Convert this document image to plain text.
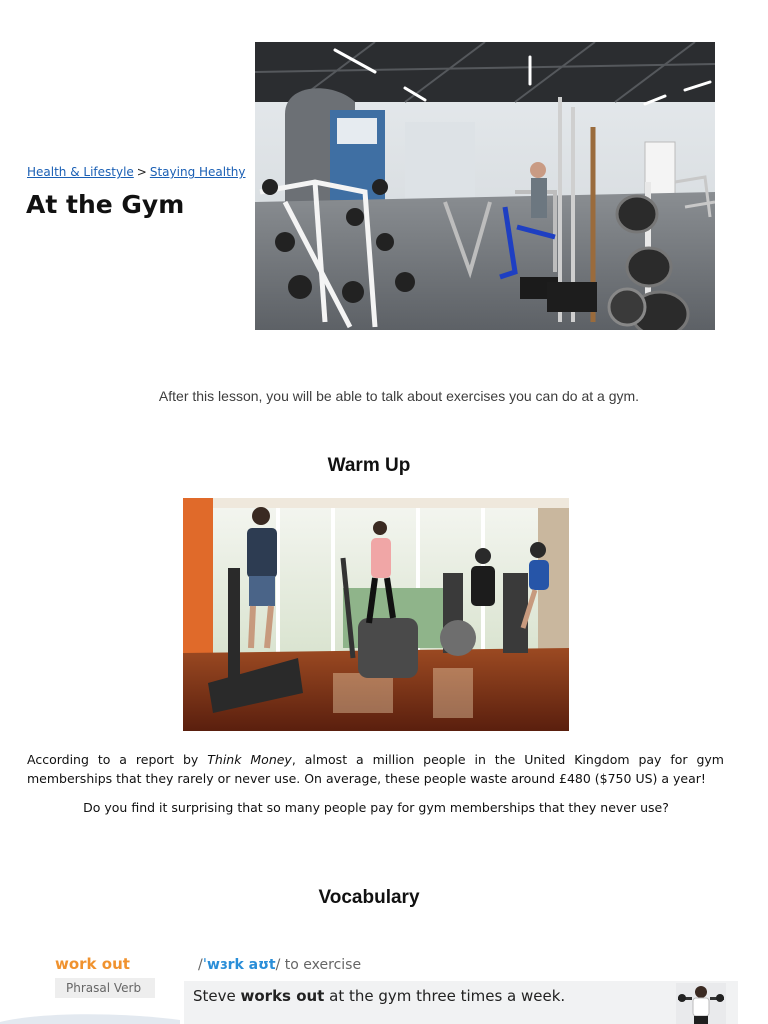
Health & Lifestyle > Staying Healthy
At the Gym

After this lesson, you will be able to talk about exercises you can do at a gym.

Warm Up

According to a report by Think Money, almost a million people in the United Kingdom pay for gym memberships that they rarely or never use. On average, these people waste around £480 ($750 US) a year!

Do you find it surprising that so many people pay for gym memberships that they never use?

Vocabulary
work out
Phrasal Verb
/ˈwɜrk aʊt/ to exercise
Steve works out at the gym three times a week.
